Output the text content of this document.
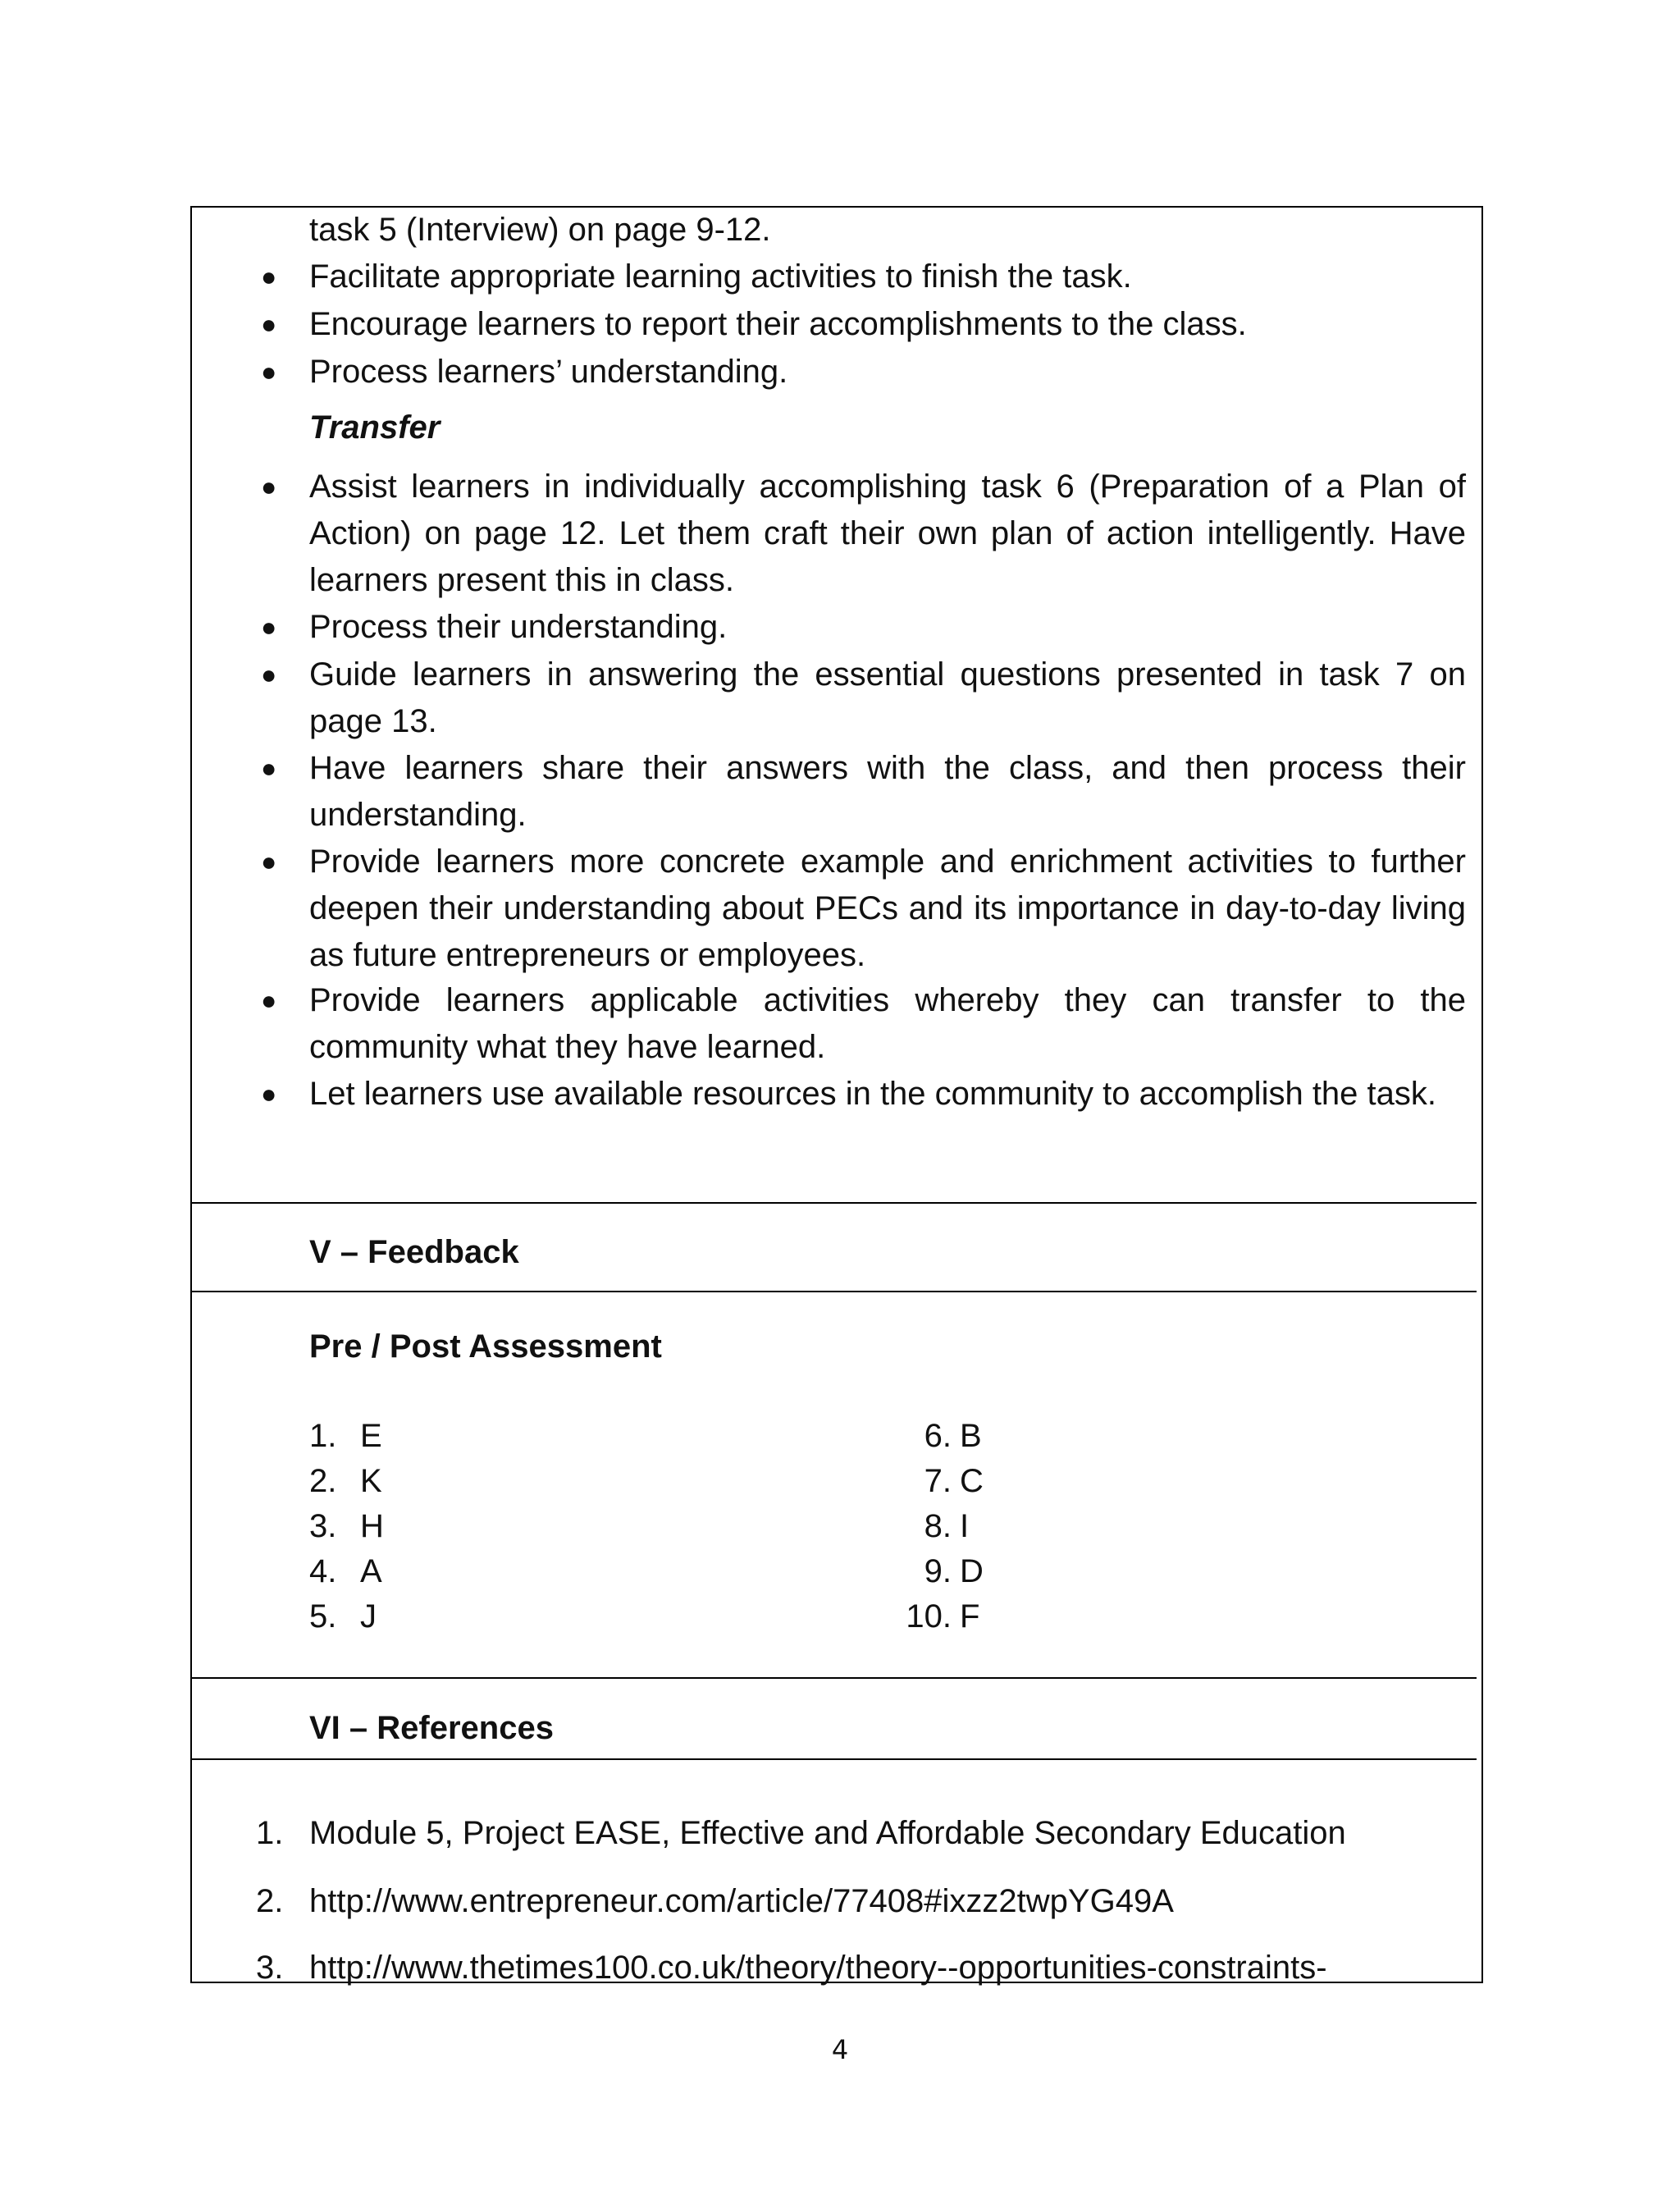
task 5 (Interview) on page 9-12.
● Facilitate appropriate learning activities to finish the task.
● Encourage learners to report their accomplishments to the class.
● Process learners’ understanding.
Transfer
● Assist learners in individually accomplishing task 6 (Preparation of a Plan of Action) on page 12. Let them craft their own plan of action intelligently. Have learners present this in class.
● Process their understanding.
● Guide learners in answering the essential questions presented in task 7 on page 13.
● Have learners share their answers with the class, and then process their understanding.
● Provide learners more concrete example and enrichment activities to further deepen their understanding about PECs and its importance in day-to-day living as future entrepreneurs or employees.
● Provide learners applicable activities whereby they can transfer to the community what they have learned.
● Let learners use available resources in the community to accomplish the task.
V – Feedback
Pre / Post Assessment
1. E
2. K
3. H
4. A
5. J
6. B
7. C
8. I
9. D
10. F
VI – References
1. Module 5, Project EASE, Effective and Affordable Secondary Education
2. http://www.entrepreneur.com/article/77408#ixzz2twpYG49A
3. http://www.thetimes100.co.uk/theory/theory--opportunities-constraints-
4
